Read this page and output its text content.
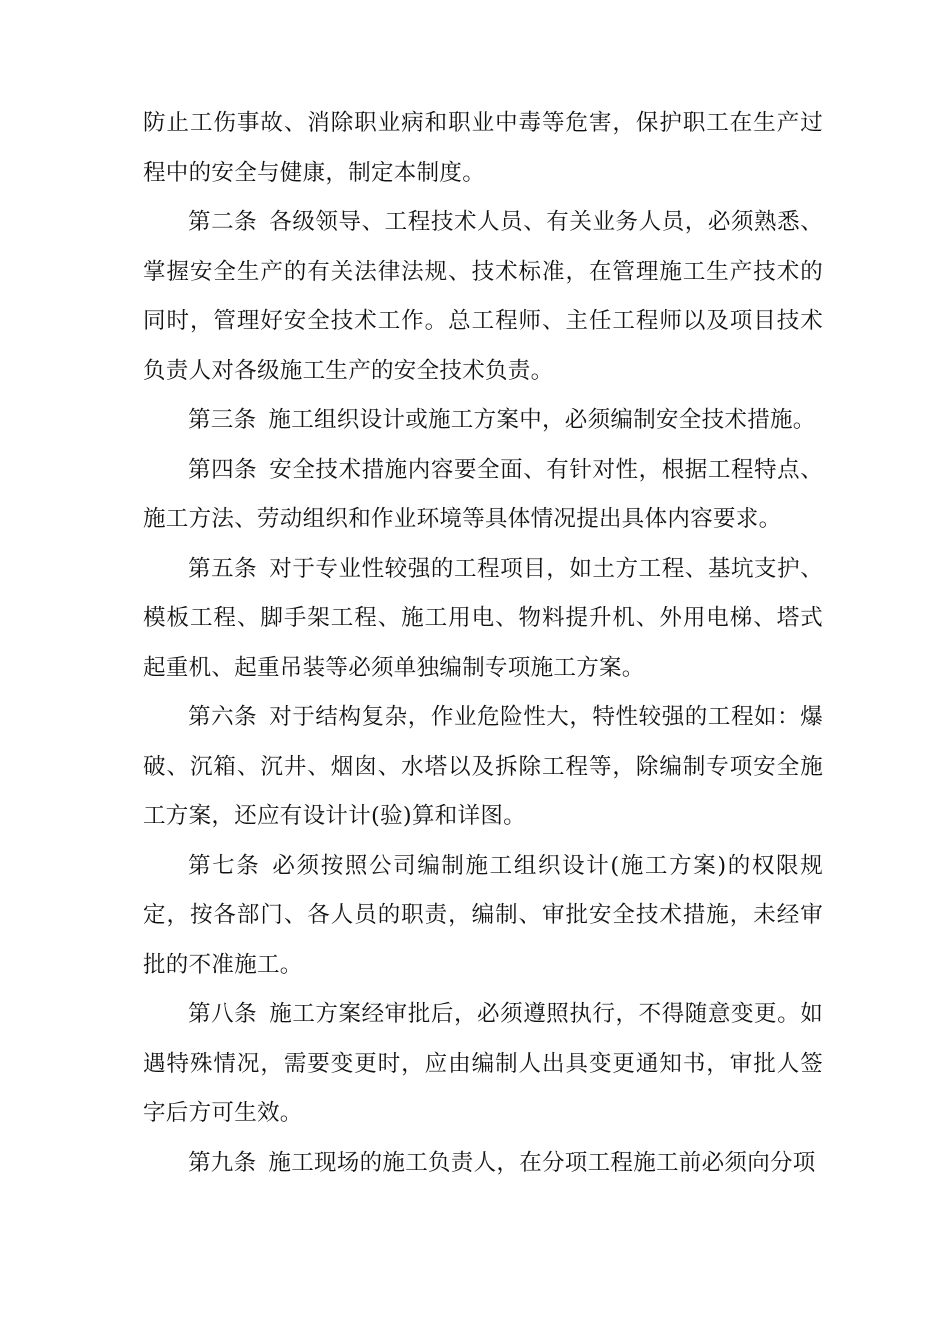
防止工伤事故、消除职业病和职业中毒等危害，保护职工在生产过程中的安全与健康，制定本制度。

第二条 各级领导、工程技术人员、有关业务人员，必须熟悉、掌握安全生产的有关法律法规、技术标准，在管理施工生产技术的同时，管理好安全技术工作。总工程师、主任工程师以及项目技术负责人对各级施工生产的安全技术负责。

第三条 施工组织设计或施工方案中，必须编制安全技术措施。

第四条 安全技术措施内容要全面、有针对性，根据工程特点、施工方法、劳动组织和作业环境等具体情况提出具体内容要求。

第五条 对于专业性较强的工程项目，如土方工程、基坑支护、模板工程、脚手架工程、施工用电、物料提升机、外用电梯、塔式起重机、起重吊装等必须单独编制专项施工方案。

第六条 对于结构复杂，作业危险性大，特性较强的工程如：爆破、沉箱、沉井、烟囱、水塔以及拆除工程等，除编制专项安全施工方案，还应有设计计(验)算和详图。

第七条 必须按照公司编制施工组织设计(施工方案)的权限规定，按各部门、各人员的职责，编制、审批安全技术措施，未经审批的不准施工。

第八条 施工方案经审批后，必须遵照执行，不得随意变更。如遇特殊情况，需要变更时，应由编制人出具变更通知书，审批人签字后方可生效。

第九条 施工现场的施工负责人，在分项工程施工前必须向分项
